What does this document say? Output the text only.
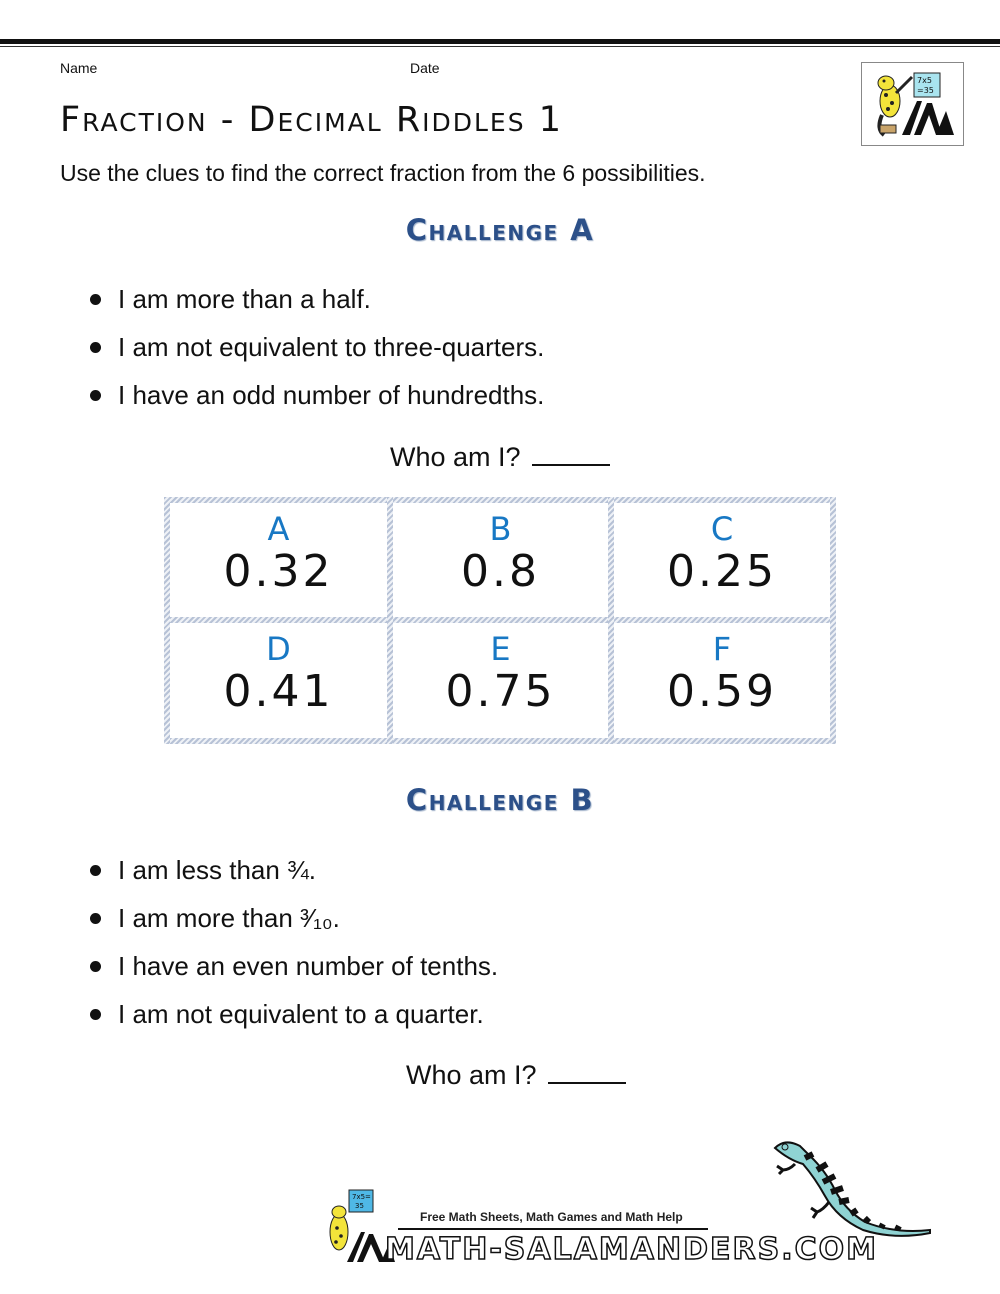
Name	Date
Fraction - Decimal Riddles 1
7x5
=35
Use the clues to find the correct fraction from the 6 possibilities.
Challenge A
I am more than a half.
I am not equivalent to three-quarters.
I have an odd number of hundredths.
Who am I?
A
0.32
B
0.8
C
0.25
D
0.41
E
0.75
F
0.59
Challenge B
I am less than ¾.
I am more than ³⁄₁₀.
I have an even number of tenths.
I am not equivalent to a quarter.
Who am I?
7x5=
35
Free Math Sheets, Math Games and Math Help
MATH-SALAMANDERS.COM
